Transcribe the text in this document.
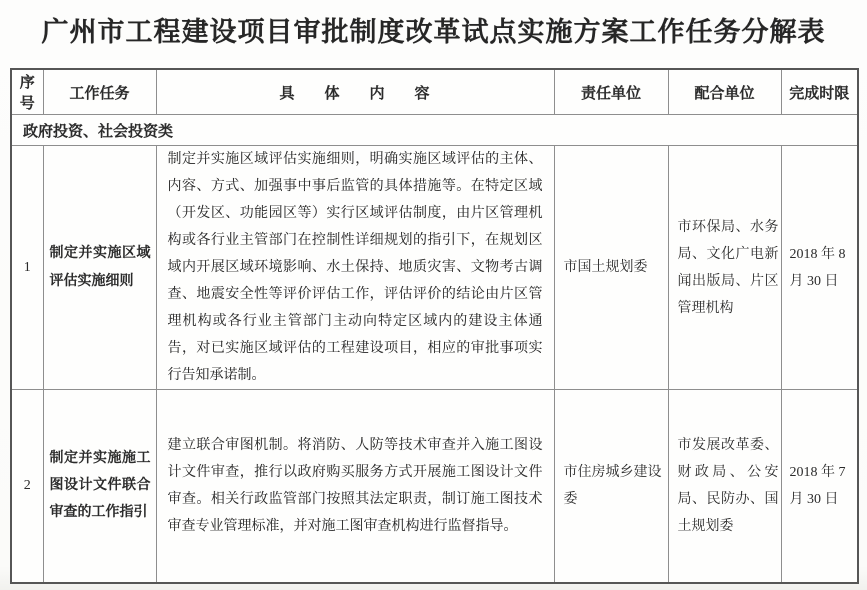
广州市工程建设项目审批制度改革试点实施方案工作任务分解表
序号	工作任务	具体内容	责任单位	配合单位	完成时限
政府投资、社会投资类					
1	制定并实施区域评估实施细则	制定并实施区域评估实施细则，明确实施区域评估的主体、内容、方式、加强事中事后监管的具体措施等。在特定区域（开发区、功能园区等）实行区域评估制度，由片区管理机构或各行业主管部门在控制性详细规划的指引下，在规划区域内开展区域环境影响、水土保持、地质灾害、文物考古调查、地震安全性等评价评估工作，评估评价的结论由片区管理机构或各行业主管部门主动向特定区域内的建设主体通告，对已实施区域评估的工程建设项目，相应的审批事项实行告知承诺制。	市国土规划委	市环保局、水务局、文化广电新闻出版局、片区管理机构	2018 年 8 月 30 日
2	制定并实施施工图设计文件联合审查的工作指引	建立联合审图机制。将消防、人防等技术审查并入施工图设计文件审查，推行以政府购买服务方式开展施工图设计文件审查。相关行政监管部门按照其法定职责，制订施工图技术审查专业管理标准，并对施工图审查机构进行监督指导。	市住房城乡建设委	市发展改革委、财政局、公安局、民防办、国土规划委	2018 年 7 月 30 日
